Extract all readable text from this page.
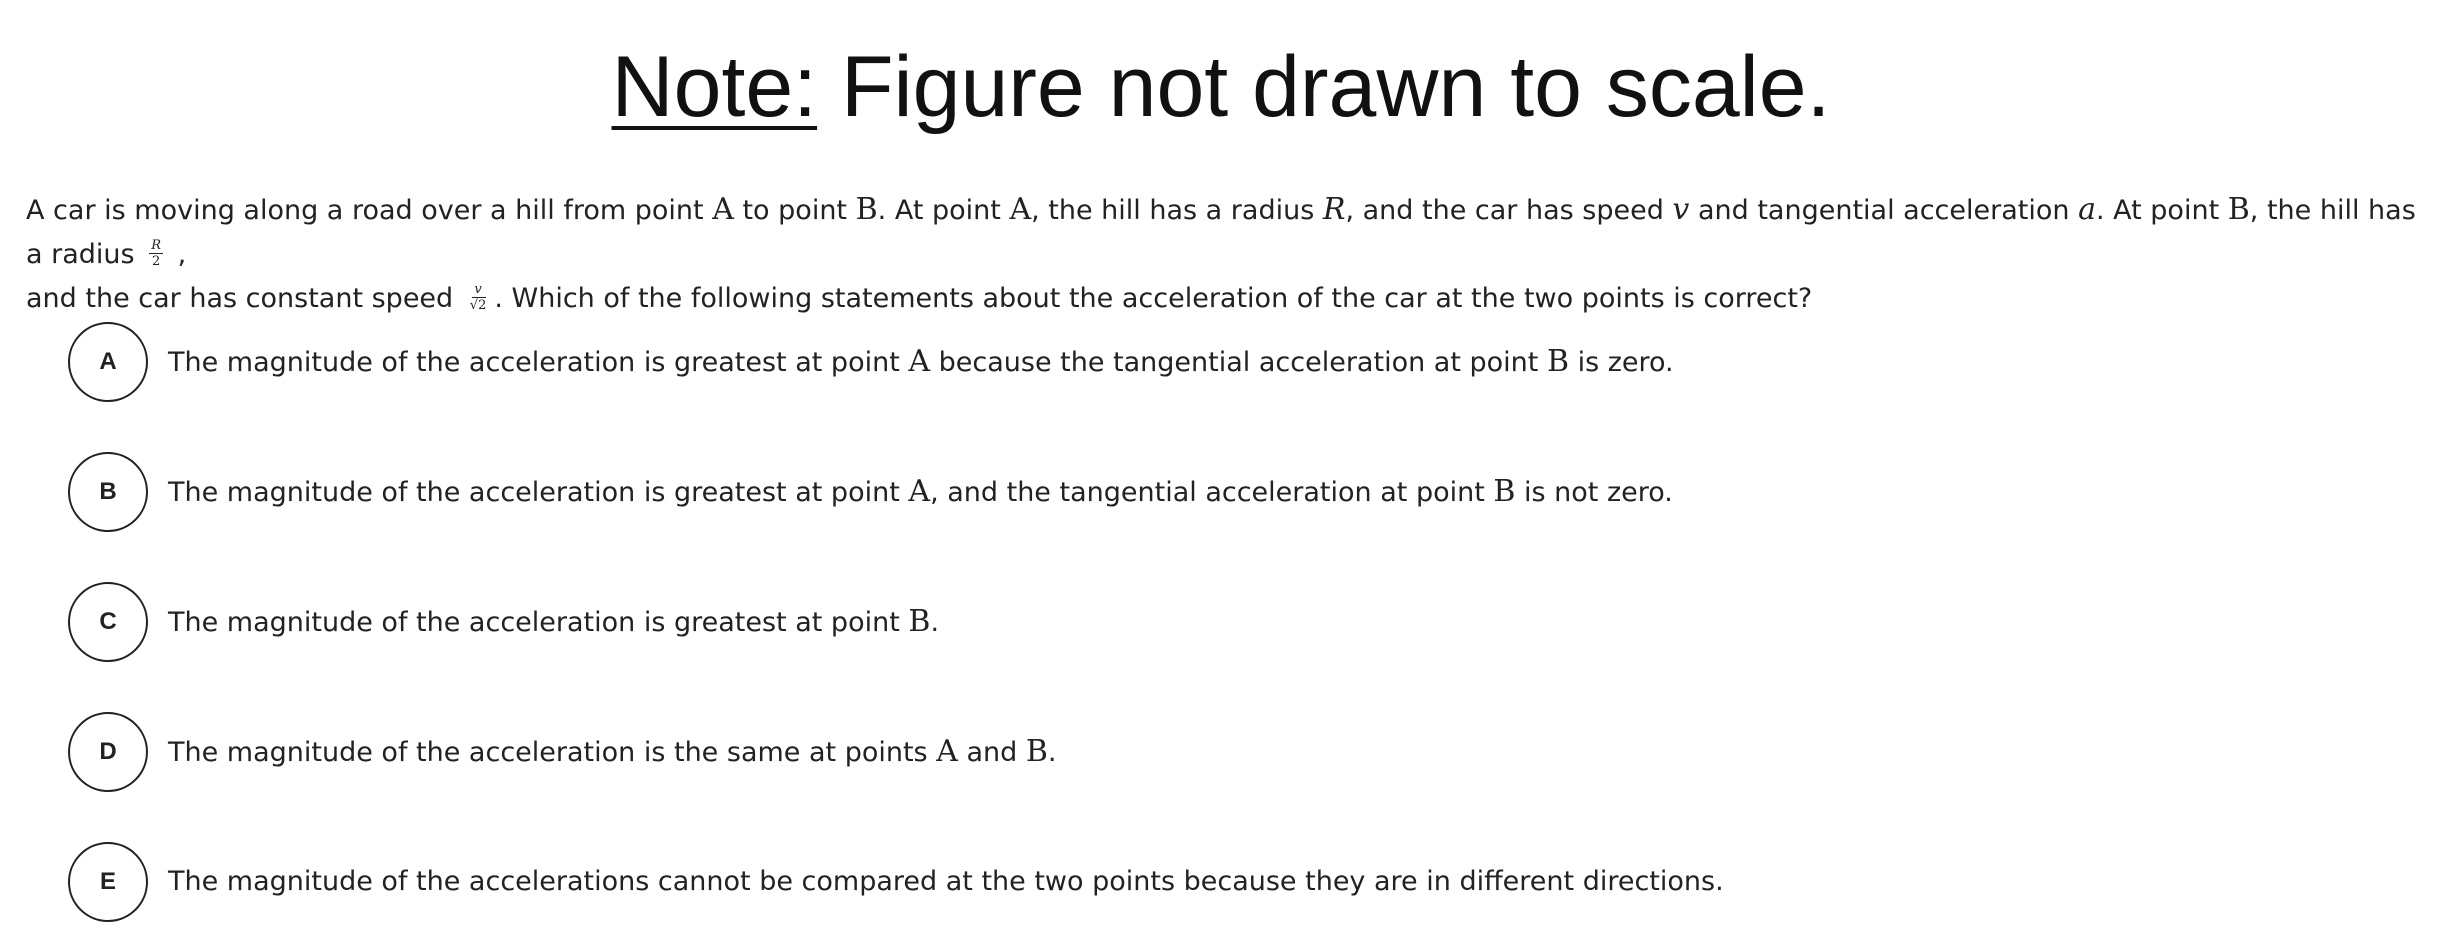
Note: Figure not drawn to scale.
A car is moving along a road over a hill from point A to point B. At point A, the hill has a radius R, and the car has speed v and tangential acceleration a. At point B, the hill has a radius $\frac{R}{2}$ ,
and the car has constant speed $\frac{v}{√2}$ . Which of the following statements about the acceleration of the car at the two points is correct?
A	The magnitude of the acceleration is greatest at point A because the tangential acceleration at point B is zero.
B	The magnitude of the acceleration is greatest at point A, and the tangential acceleration at point B is not zero.
C	The magnitude of the acceleration is greatest at point B.
D	The magnitude of the acceleration is the same at points A and B.
E	The magnitude of the accelerations cannot be compared at the two points because they are in different directions.
